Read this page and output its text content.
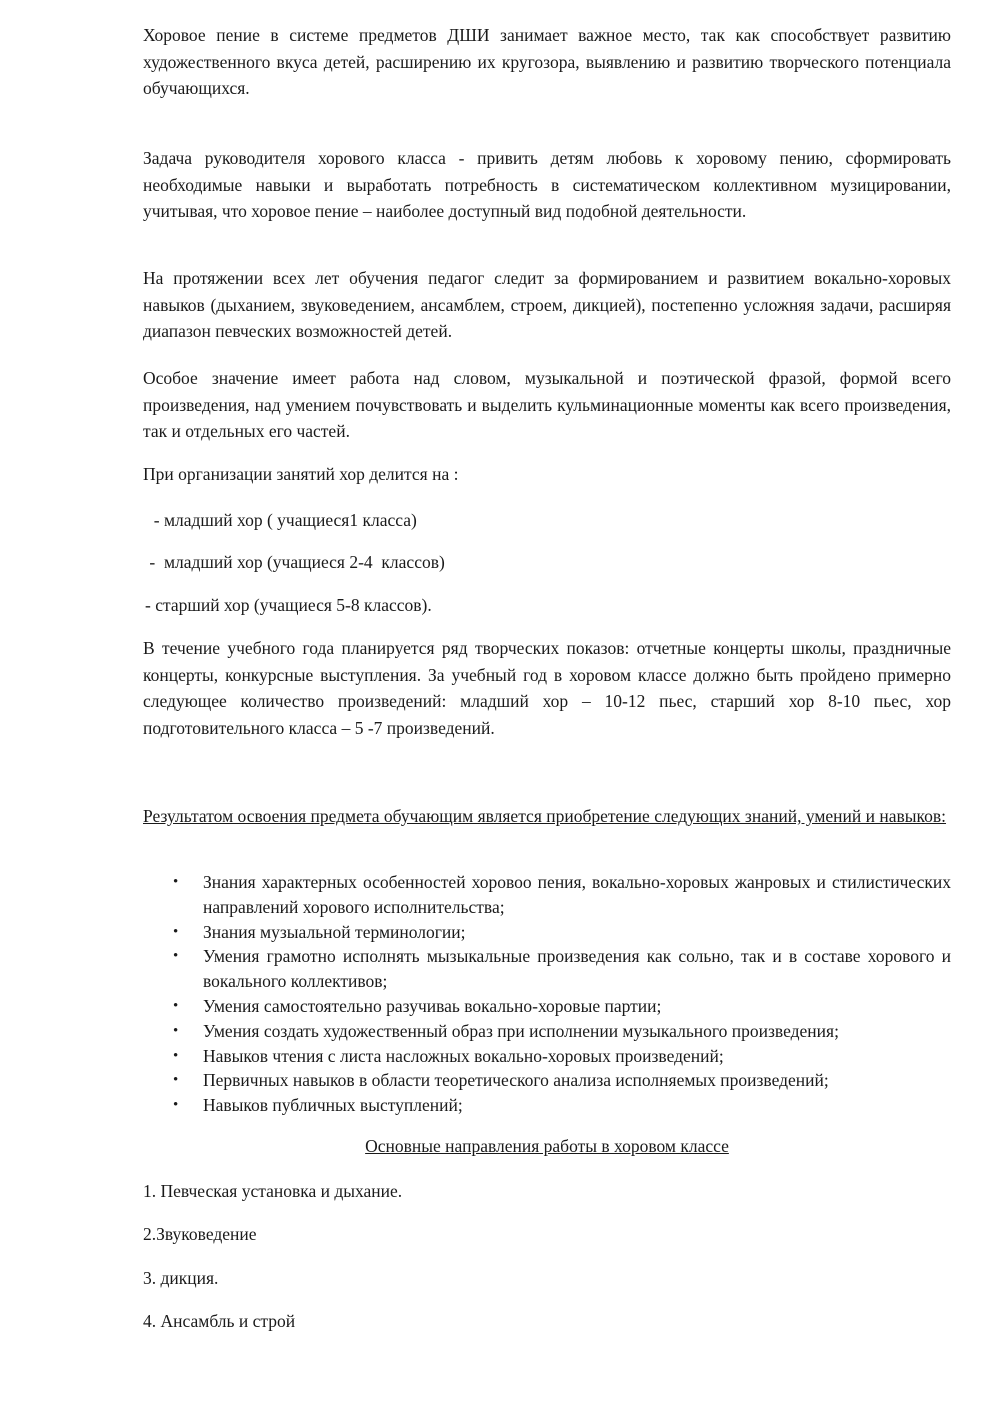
Хоровое пение в системе предметов ДШИ занимает важное место, так как способствует развитию художественного вкуса детей, расширению их кругозора, выявлению и развитию творческого потенциала обучающихся.

Задача руководителя хорового класса - привить детям любовь к хоровому пению, сформировать необходимые навыки и выработать потребность в систематическом коллективном музицировании, учитывая, что хоровое пение – наиболее доступный вид подобной деятельности.

На протяжении всех лет обучения педагог следит за формированием и развитием вокально-хоровых навыков (дыханием, звуковедением, ансамблем, строем, дикцией), постепенно усложняя задачи, расширяя диапазон певческих возможностей детей.

Особое значение имеет работа над словом, музыкальной и поэтической фразой, формой всего произведения, над умением почувствовать и выделить кульминационные моменты как всего произведения, так и отдельных его частей.

При организации занятий хор делится на :

- младший хор ( учащиеся1 класса)

-  младший хор (учащиеся 2-4  классов)

- старший хор (учащиеся 5-8 классов).

В течение учебного года планируется ряд творческих показов: отчетные концерты школы, праздничные концерты, конкурсные выступления. За учебный год в хоровом классе должно быть пройдено примерно следующее количество произведений: младший хор – 10-12 пьес, старший хор 8-10 пьес, хор подготовительного класса – 5 -7 произведений.

Результатом освоения предмета обучающим является приобретение следующих знаний, умений и навыков:

• Знания характерных особенностей хоровоо пения, вокально-хоровых жанровых и стилистических направлений хорового исполнительства;
• Знания музыальной терминологии;
• Умения грамотно исполнять мызыкальные произведения как сольно, так и в составе хорового и вокального коллективов;
• Умения самостоятельно разучиваь вокально-хоровые партии;
• Умения создать художественный образ при исполнении музыкального произведения;
• Навыков чтения с листа насложных вокально-хоровых произведений;
• Первичных навыков в области теоретического анализа исполняемых произведений;
• Навыков публичных выступлений;
Основные направления работы в хоровом классе
1. Певческая установка и дыхание.
2.Звуковедение
3. дикция.
4. Ансамбль и строй
